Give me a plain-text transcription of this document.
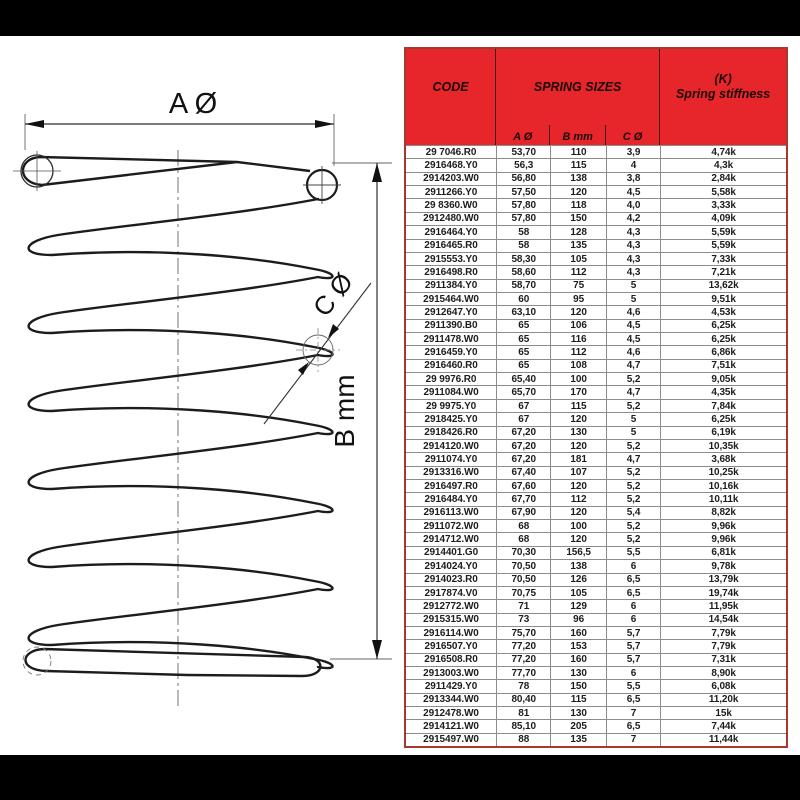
A Ø
B mm
C Ø
CODE	SPRING SIZES
(K)
Spring stiffness
A Ø	B mm	C Ø
29 7046.R0	53,70	110	3,9	4,74k
2916468.Y0	56,3	115	4	4,3k
2914203.W0	56,80	138	3,8	2,84k
2911266.Y0	57,50	120	4,5	5,58k
29 8360.W0	57,80	118	4,0	3,33k
2912480.W0	57,80	150	4,2	4,09k
2916464.Y0	58	128	4,3	5,59k
2916465.R0	58	135	4,3	5,59k
2915553.Y0	58,30	105	4,3	7,33k
2916498.R0	58,60	112	4,3	7,21k
2911384.Y0	58,70	75	5	13,62k
2915464.W0	60	95	5	9,51k
2912647.Y0	63,10	120	4,6	4,53k
2911390.B0	65	106	4,5	6,25k
2911478.W0	65	116	4,5	6,25k
2916459.Y0	65	112	4,6	6,86k
2916460.R0	65	108	4,7	7,51k
29 9976.R0	65,40	100	5,2	9,05k
2911084.W0	65,70	170	4,7	4,35k
29 9975.Y0	67	115	5,2	7,84k
2918425.Y0	67	120	5	6,25k
2918426.R0	67,20	130	5	6,19k
2914120.W0	67,20	120	5,2	10,35k
2911074.Y0	67,20	181	4,7	3,68k
2913316.W0	67,40	107	5,2	10,25k
2916497.R0	67,60	120	5,2	10,16k
2916484.Y0	67,70	112	5,2	10,11k
2916113.W0	67,90	120	5,4	8,82k
2911072.W0	68	100	5,2	9,96k
2914712.W0	68	120	5,2	9,96k
2914401.G0	70,30	156,5	5,5	6,81k
2914024.Y0	70,50	138	6	9,78k
2914023.R0	70,50	126	6,5	13,79k
2917874.V0	70,75	105	6,5	19,74k
2912772.W0	71	129	6	11,95k
2915315.W0	73	96	6	14,54k
2916114.W0	75,70	160	5,7	7,79k
2916507.Y0	77,20	153	5,7	7,79k
2916508.R0	77,20	160	5,7	7,31k
2913003.W0	77,70	130	6	8,90k
2911429.Y0	78	150	5,5	6,08k
2913344.W0	80,40	115	6,5	11,20k
2912478.W0	81	130	7	15k
2914121.W0	85,10	205	6,5	7,44k
2915497.W0	88	135	7	11,44k
